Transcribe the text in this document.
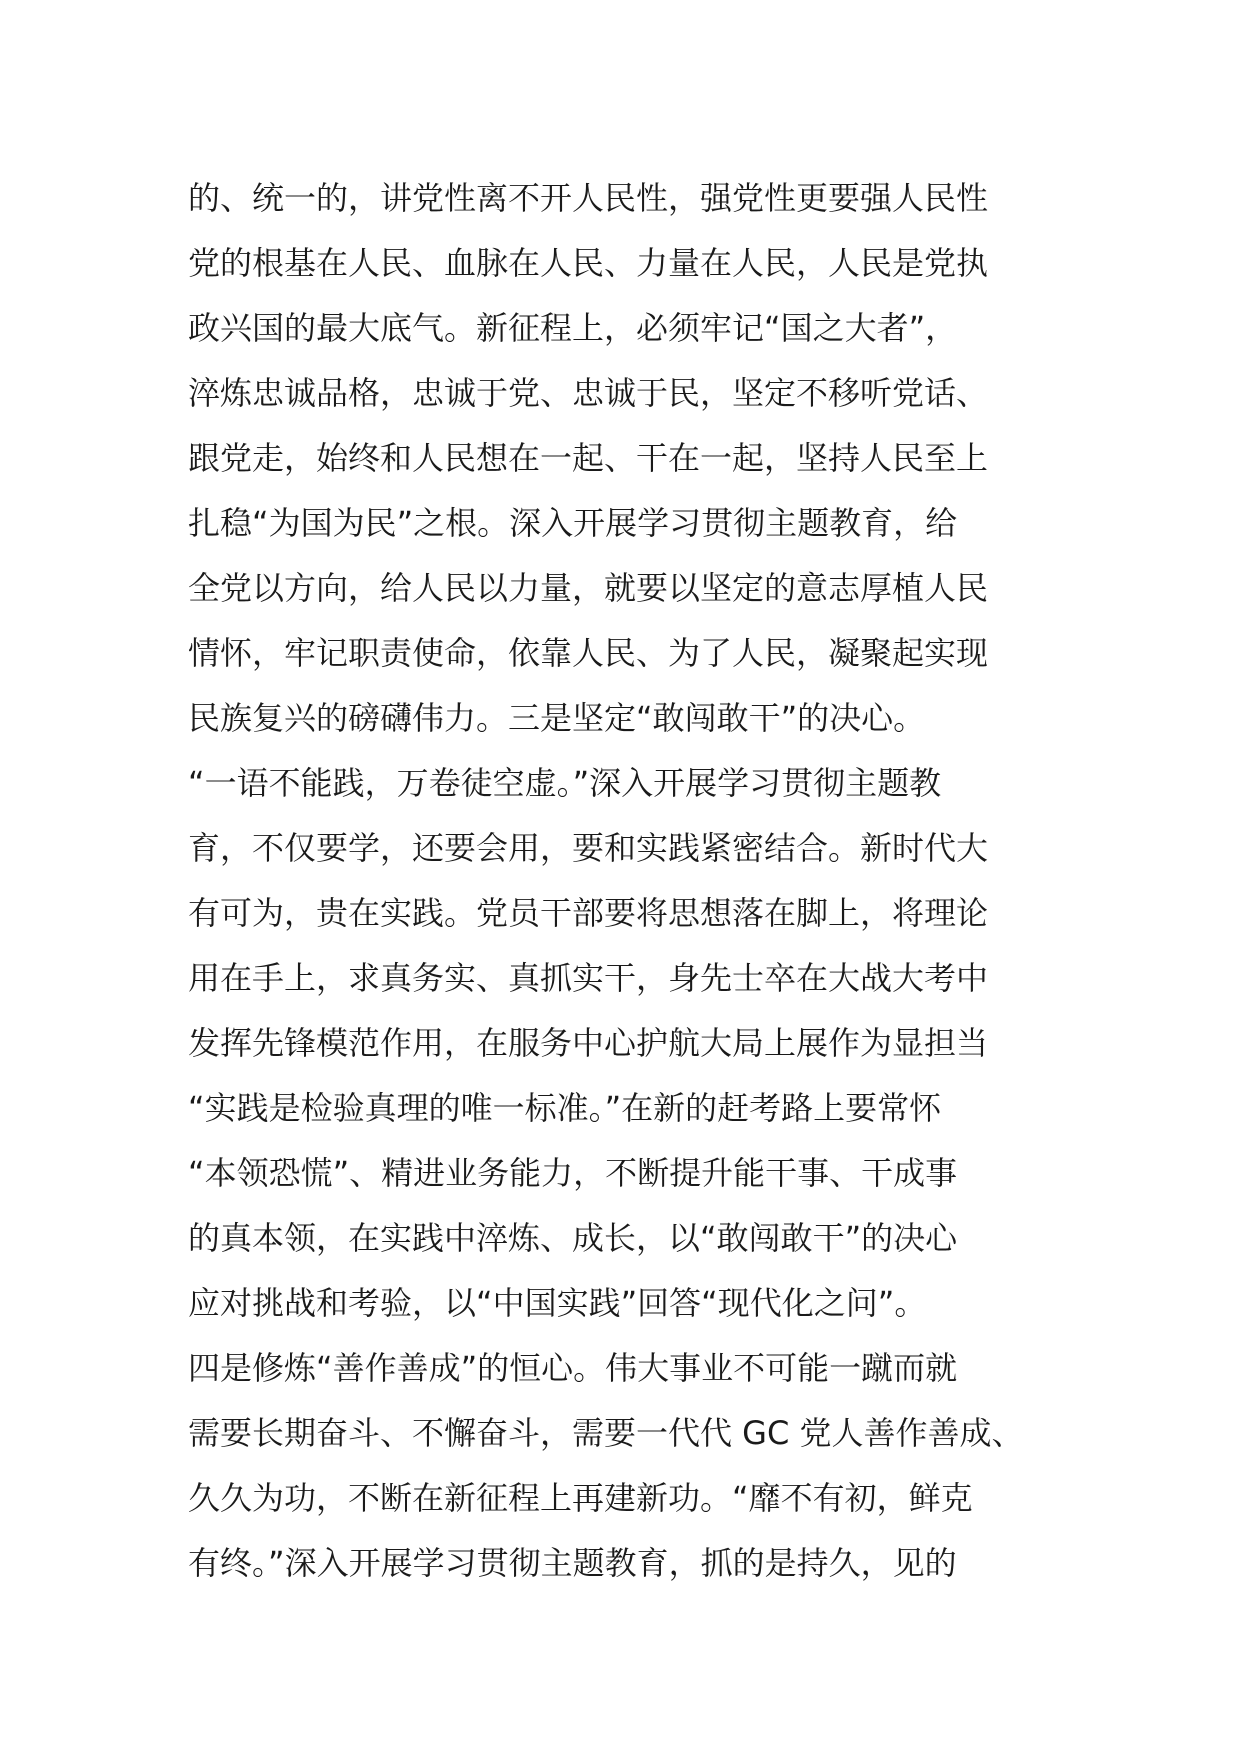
的、统一的，讲党性离不开人民性，强党性更要强人民性
党的根基在人民、血脉在人民、力量在人民，人民是党执
政兴国的最大底气。新征程上，必须牢记“国之大者”，
淬炼忠诚品格，忠诚于党、忠诚于民，坚定不移听党话、
跟党走，始终和人民想在一起、干在一起，坚持人民至上
扎稳“为国为民”之根。深入开展学习贯彻主题教育，给
全党以方向，给人民以力量，就要以坚定的意志厚植人民
情怀，牢记职责使命，依靠人民、为了人民，凝聚起实现
民族复兴的磅礴伟力。三是坚定“敢闯敢干”的决心。
“一语不能践，万卷徒空虚。”深入开展学习贯彻主题教
育，不仅要学，还要会用，要和实践紧密结合。新时代大
有可为，贵在实践。党员干部要将思想落在脚上，将理论
用在手上，求真务实、真抓实干，身先士卒在大战大考中
发挥先锋模范作用，在服务中心护航大局上展作为显担当
“实践是检验真理的唯一标准。”在新的赶考路上要常怀
“本领恐慌”、精进业务能力，不断提升能干事、干成事
的真本领，在实践中淬炼、成长，以“敢闯敢干”的决心
应对挑战和考验，以“中国实践”回答“现代化之问”。
四是修炼“善作善成”的恒心。伟大事业不可能一蹴而就
需要长期奋斗、不懈奋斗，需要一代代 GC 党人善作善成、
久久为功，不断在新征程上再建新功。“靡不有初，鲜克
有终。”深入开展学习贯彻主题教育，抓的是持久，见的
